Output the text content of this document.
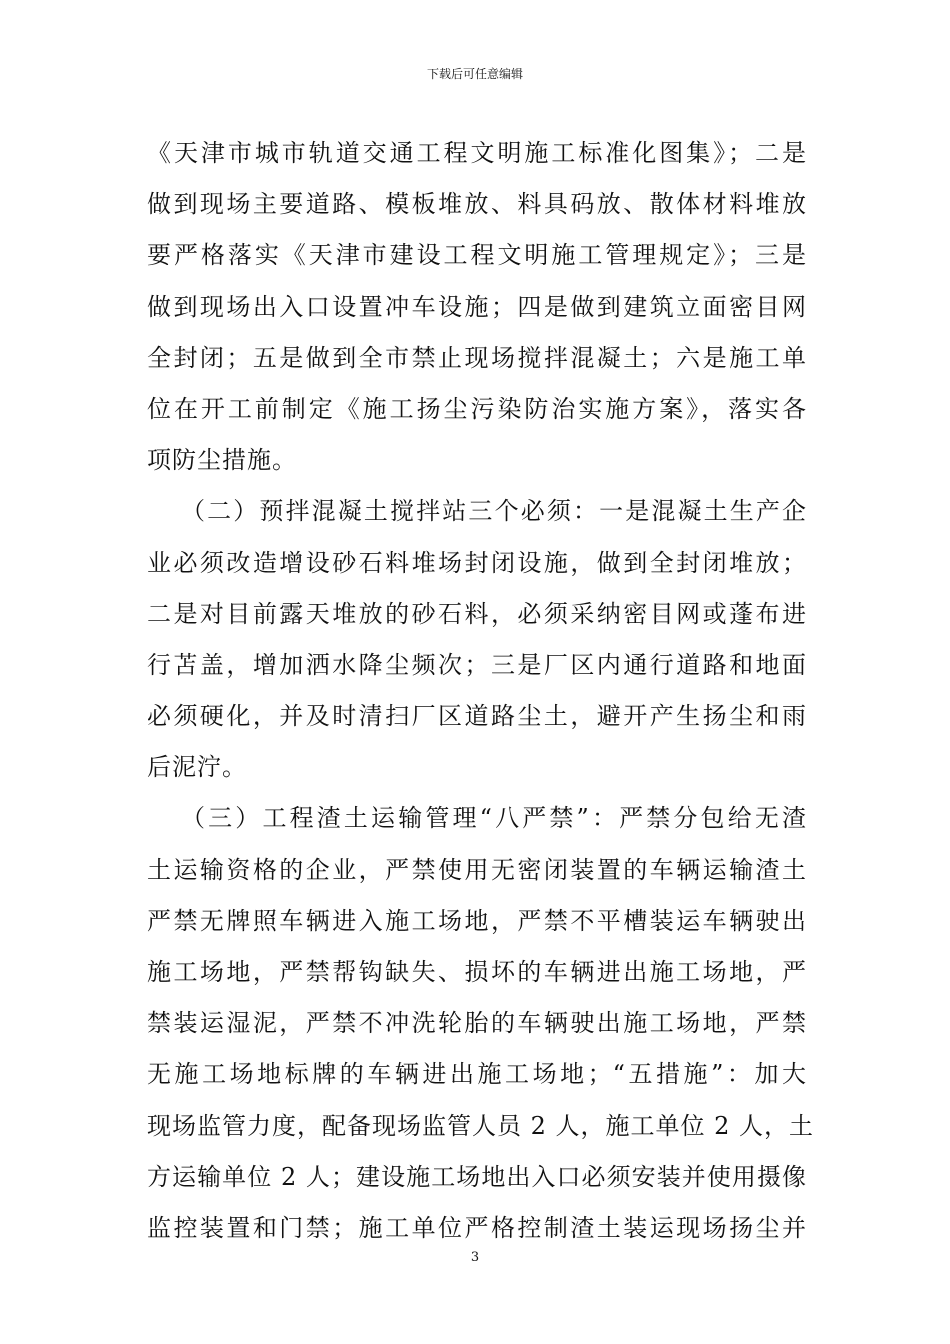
下载后可任意编辑
《天津市城市轨道交通工程文明施工标准化图集》；二是
做到现场主要道路、模板堆放、料具码放、散体材料堆放
要严格落实《天津市建设工程文明施工管理规定》；三是
做到现场出入口设置冲车设施；四是做到建筑立面密目网
全封闭；五是做到全市禁止现场搅拌混凝土；六是施工单
位在开工前制定《施工扬尘污染防治实施方案》，落实各
项防尘措施。
（二）预拌混凝土搅拌站三个必须：一是混凝土生产企
业必须改造增设砂石料堆场封闭设施，做到全封闭堆放；
二是对目前露天堆放的砂石料，必须采纳密目网或蓬布进
行苫盖，增加洒水降尘频次；三是厂区内通行道路和地面
必须硬化，并及时清扫厂区道路尘土，避开产生扬尘和雨
后泥泞。
（三）工程渣土运输管理“八严禁”：严禁分包给无渣
土运输资格的企业，严禁使用无密闭装置的车辆运输渣土
严禁无牌照车辆进入施工场地，严禁不平槽装运车辆驶出
施工场地，严禁帮钩缺失、损坏的车辆进出施工场地，严
禁装运湿泥，严禁不冲洗轮胎的车辆驶出施工场地，严禁
无施工场地标牌的车辆进出施工场地；“五措施”：加大
现场监管力度，配备现场监管人员 2 人，施工单位 2 人，土
方运输单位 2 人；建设施工场地出入口必须安装并使用摄像
监控装置和门禁；施工单位严格控制渣土装运现场扬尘并
3
